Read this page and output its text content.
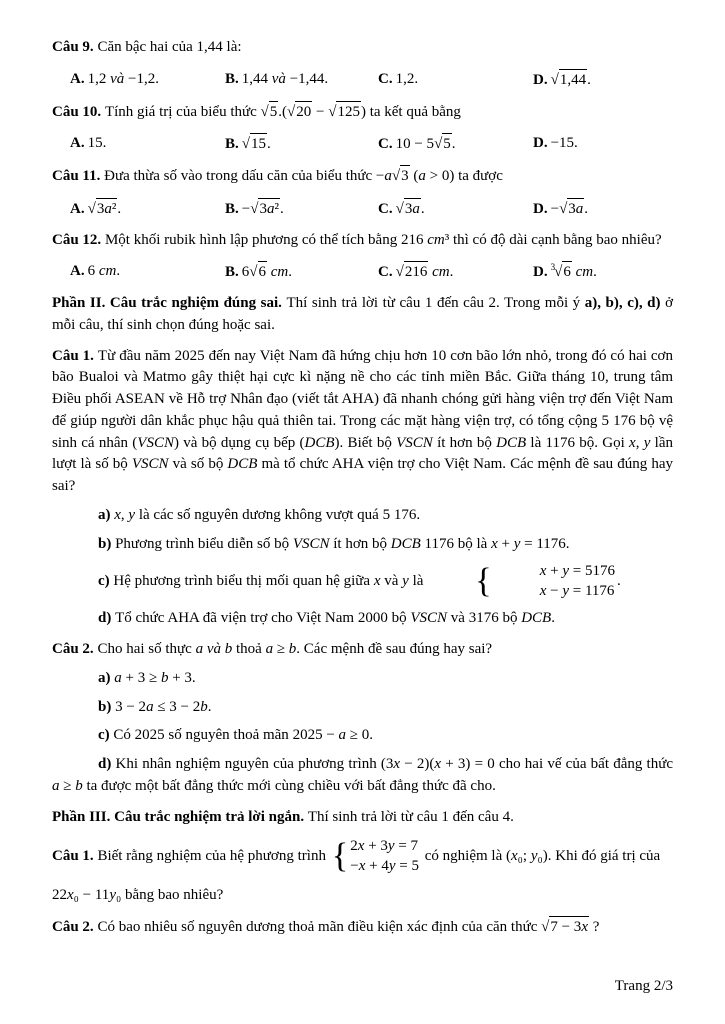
Câu 9. Căn bậc hai của 1,44 là:
A. 1,2 và −1,2.	B. 1,44 và −1,44.	C. 1,2.	D. √1,44.
Câu 10. Tính giá trị của biểu thức √5.(√20 − √125) ta kết quả bằng
A. 15.	B. √15.	C. 10 − 5√5.	D. −15.
Câu 11. Đưa thừa số vào trong dấu căn của biểu thức −a√3 (a > 0) ta được
A. √3a².	B. −√3a².	C. √3a.	D. −√3a.
Câu 12. Một khối rubik hình lập phương có thể tích bằng 216 cm³ thì có độ dài cạnh bằng bao nhiêu?
A. 6 cm.	B. 6√6 cm.	C. √216 cm.	D. $^3$√6 cm.
Phần II. Câu trắc nghiệm đúng sai. Thí sinh trả lời từ câu 1 đến câu 2. Trong mỗi ý a), b), c), d) ở mỗi câu, thí sinh chọn đúng hoặc sai.
Câu 1. Từ đầu năm 2025 đến nay Việt Nam đã hứng chịu hơn 10 cơn bão lớn nhỏ, trong đó có hai cơn bão Bualoi và Matmo gây thiệt hại cực kì nặng nề cho các tỉnh miền Bắc. Giữa tháng 10, trung tâm Điều phối ASEAN về Hỗ trợ Nhân đạo (viết tắt AHA) đã nhanh chóng gửi hàng viện trợ đến Việt Nam để giúp người dân khắc phục hậu quả thiên tai. Trong các mặt hàng viện trợ, có tổng cộng 5 176 bộ vệ sinh cá nhân (VSCN) và bộ dụng cụ bếp (DCB). Biết bộ VSCN ít hơn bộ DCB là 1176 bộ. Gọi x, y lần lượt là số bộ VSCN và số bộ DCB mà tổ chức AHA viện trợ cho Việt Nam. Các mệnh đề sau đúng hay sai?
a) x, y là các số nguyên dương không vượt quá 5 176.
b) Phương trình biểu diễn số bộ VSCN ít hơn bộ DCB 1176 bộ là x + y = 1176.
c) Hệ phương trình biểu thị mối quan hệ giữa x và y là	{	x + y = 5176
x − y = 1176
.
d) Tổ chức AHA đã viện trợ cho Việt Nam 2000 bộ VSCN và 3176 bộ DCB.
Câu 2. Cho hai số thực a và b thoả a ≥ b. Các mệnh đề sau đúng hay sai?
a) a + 3 ≥ b + 3.
b) 3 − 2a ≤ 3 − 2b.
c) Có 2025 số nguyên thoả mãn 2025 − a ≥ 0.
d) Khi nhân nghiệm nguyên của phương trình (3x − 2)(x + 3) = 0 cho hai vế của bất đẳng thức a ≥ b ta được một bất đẳng thức mới cùng chiều với bất đẳng thức đã cho.
Phần III. Câu trắc nghiệm trả lời ngắn. Thí sinh trả lời từ câu 1 đến câu 4.
Câu 1. Biết rằng nghiệm của hệ phương trình { 2x + 3y = 7
−x + 4y = 5
có nghiệm là (x₀; y₀). Khi đó giá trị của
22x₀ − 11y₀ bằng bao nhiêu?
Câu 2. Có bao nhiêu số nguyên dương thoả mãn điều kiện xác định của căn thức √7 − 3x ?
Trang 2/3
